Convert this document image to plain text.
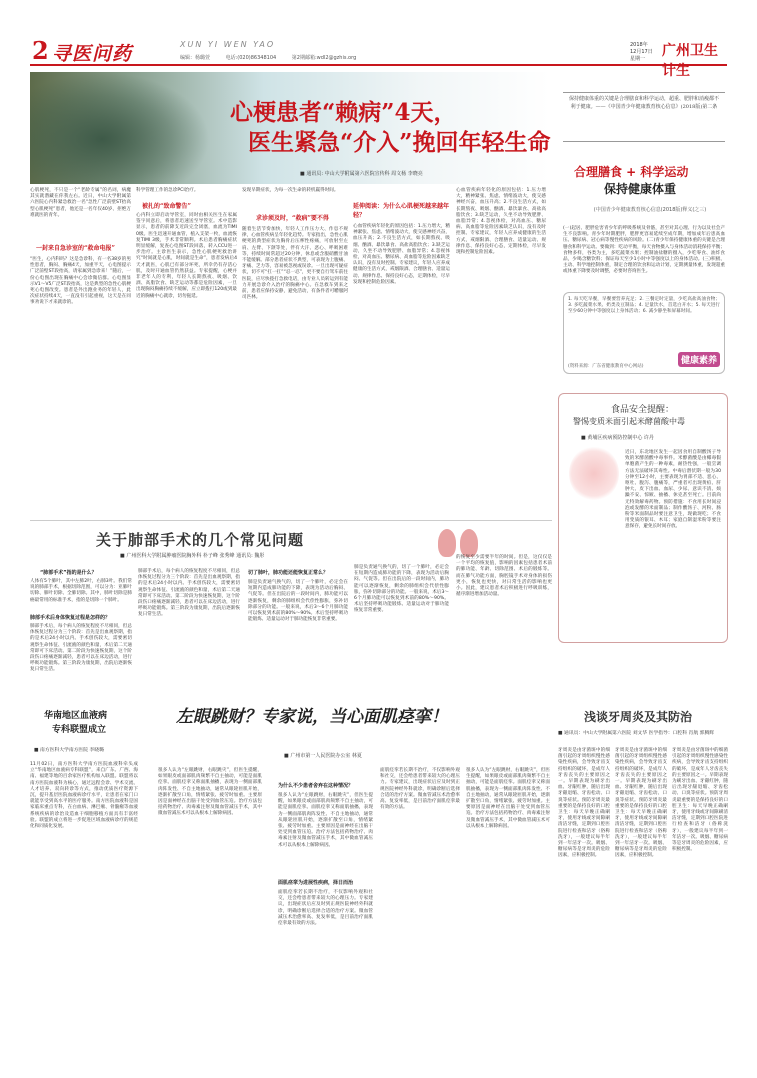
2 寻医问药	XUN YI WEN YAO
编辑：杨璐萱	电话:(020)86348104	第2期邮箱:wdl2@gzhis.org
2018年
12月17日
星期一	广州卫生计生
心梗患者“赖病”4天，
医生紧急“介入”挽回年轻生命
■ 通讯员: 中山大学附属第六医院宣传科 周文杨 李晓亮
心肌梗死，不只是一个“老龄专属”的名词，病魔其实就潜藏在你我左右。近日，中山大学附属第六医院心内科紧急救治一名“急性广泛前壁ST抬高型心肌梗死”患者，他还是一名年仅40岁、拒绝万难就医的青年。
一封来自急诊室的“救命电报”
“医生，心内科吗？这是急诊科，有一名38岁的男性患者，胸闷、胸痛4天，加重半天，心电图提示广泛前壁ST段抬高，请家属到急诊来！”随后，一份心电图出现在胸痛中心会诊微信群。心电图显示V1～V5广泛ST段抬高，这是典型的急性心肌梗死心电图改变。患者是外出跑业务的年轻人，此次症状持续4天，一直没有引起重视，这天是在同事劝说下才来就诊的。
科学管理工作的急诊PCI治疗。
被扎的“致命警告”
心内科立即启动导管室，同时由相关医生在家属签字同意后，将患者迅速送至导管室。术中造影显示，患者的前降支近段完全闭塞，血流为TIMI 0级。医生迅速开通血管，植入支架一枚，血流恢复TIMI 3级，手术非常顺利。术后患者胸痛症状明显缓解，复查心电图ST段回落，转入CCU进一步治疗。主诊医生表示，急性心肌梗死救治讲究“时间就是心肌，时间就是生命”，患者发病后4天才就医，心肌已有部分坏死，所幸仍有存活心肌，及时开通血管仍然获益。专家提醒，心梗并非老年人的专利，年轻人长期熬夜、吸烟、饮酒、高脂饮食、缺乏运动等都是危险因素，一旦出现胸闷胸痛持续不缓解，应立即拨打120或到最近的胸痛中心就诊，切勿拖延。
发现早期症状，为每一次生命的转机赢得时间。
求诊须及时，“救病”要不得
随着生活节奏加快，年轻人工作压力大、作息不规律，心血管疾病呈年轻化趋势。专家指出，急性心肌梗死的典型症状为胸骨后压榨性疼痛，可放射至左肩、左臂、下颌等处，伴有大汗、恶心、呼吸困难等，持续时间常超过20分钟，休息或含服硝酸甘油不能缓解。部分患者症状不典型，可表现为上腹痛、牙痛、乏力等，容易被忽视或误诊。一旦出现可疑症状，切不可“扛一扛”“忍一忍”，更不要自行驾车前往医院，应尽快拨打急救电话，由专业人员转运到有能力开展急诊介入治疗的胸痛中心。在急救车到来之前，患者应保持安静，避免活动，有条件者可嚼服阿司匹林。
延伸阅读：为什么心肌梗死越来越年轻？
心血管疾病年轻化的原因包括：1.压力增大，精神紧张、焦虑、情绪波动大，使交感神经兴奋，血压升高；2.不良生活方式，如长期熬夜、吸烟、酗酒、暴饮暴食、高盐高脂饮食；3.缺乏运动，久坐不动导致肥胖、血脂异常；4.忽视体检，对高血压、糖尿病、高血脂等危险因素缺乏认识，没有及时控制。专家建议，年轻人应养成健康的生活方式，戒烟限酒、合理膳食、适量运动、规律作息、保持良好心态，定期体检，尽早发现和控制危险因素。
心血管疾病年轻化的原因包括：1.压力增大，精神紧张、焦虑、情绪波动大，使交感神经兴奋，血压升高；2.不良生活方式，如长期熬夜、吸烟、酗酒、暴饮暴食、高盐高脂饮食；3.缺乏运动，久坐不动导致肥胖、血脂异常；4.忽视体检，对高血压、糖尿病、高血脂等危险因素缺乏认识，没有及时控制。专家建议，年轻人应养成健康的生活方式，戒烟限酒、合理膳食、适量运动、规律作息、保持良好心态，定期体检，尽早发现和控制危险因素。
保持健康体重的关键是合理膳食和科学运动，超重、肥胖和消瘦都不利于健康。——《中国青少年健康教育核心信息》(2018版)第二条
合理膳食 + 科学运动
保持健康体重
(中国青少年健康教育核心信息(2018版)释义(之三)
(一)起居、肥胖危害青少年的呼吸系统及骨骼，甚至对其心理、行为以及社会产生不良影响。青少年时期肥胖，肥胖更容易延续至成年期，增加成年后患高血压、糖尿病、冠心病等慢性疾病的风险。(二)青少年保持健康体重的关键是合理膳食和科学运动。要做到：吃动平衡，每天食物摄入与身体活动消耗保持平衡；食物多样，谷类为主，多吃蔬菜水果；控制油盐糖的摄入，少吃零食、油炸食品，少喝含糖饮料；保证每天至少1小时中等强度以上的身体活动。(三)积极、主动、科学地控制体重，制定合理的饮食和运动计划，定期测量体重，发现超重或体重下降要及时调整，必要时咨询医生。
1. 每天吃早餐，早餐要营养充足；2. 三餐定时定量，少吃高盐高油食物；3. 多吃蔬菜水果、奶类及豆制品；4. 足量饮水，首选白开水；5. 每天进行至少60分钟中等强度以上身体活动；6. 减少静坐和屏幕时间。
健康素养
(资料来源：广东省健康教育中心网站)
食品安全提醒：
警惕变质米面引起米酵菌酸中毒
■ 黄埔区疾病预防控制中心 许丹
近日，东北地区发生一起因食用自制酸汤子导致的米酵菌酸中毒事件。米酵菌酸是由椰毒假单胞菌产生的一种毒素，耐热性强，一般烹调方法无法破坏其毒性。中毒后潜伏期一般为30分钟至12小时，主要表现为胃部不适、恶心、呕吐、腹泻、腹痛等，严重者可出现黄疸、肝肿大、皮下出血、血尿、少尿、意识不清、烦躁不安、惊厥、抽搐、休克甚至死亡。目前尚无特效解毒药物。预防措施：不食用长时间浸泡或发酵的米面制品；制作酸汤子、河粉、肠粉等米面制品时要注意卫生，现做现吃；不食用变质的银耳、木耳；家庭自制湿米粉等要注意保存，避免长时间存放。
关于肺部手术的几个常见问题
■ 广州医科大学附属肿瘤医院胸外科 朴子峰 张秀峰 通讯员: 魏彤
“肺部手术”指的是什么？
人体有5个肺叶，其中左肺2叶，右肺3叶。我们常说的肺部手术，根据切除范围，可以分为：亚肺叶切除、肺叶切除、全肺切除。其中，肺叶切除是肺癌最常用的标准手术，指的是切除一个肺叶。
肺部手术后身体恢复过程是怎样的？
肺部手术后，每个病人的恢复程度不尽相同，但总体恢复过程分为三个阶段：首先是出血观察期，指的是术后24小时以内。手术创伤较大，需要密切观察生命体征、引流液的颜色和量，术后第二天通常即可下床活动。第二阶段为快速恢复期，这个阶段伤口疼痛逐渐减轻，患者可以在床边活动，进行呼吸功能锻炼。第三阶段为康复期，出院后逐渐恢复日常生活。
肺部手术后，每个病人的恢复程度不尽相同，但总体恢复过程分为三个阶段：首先是出血观察期，指的是术后24小时以内。手术创伤较大，需要密切观察生命体征、引流液的颜色和量，术后第二天通常即可下床活动。第二阶段为快速恢复期，这个阶段伤口疼痛逐渐减轻，患者可以在床边活动，进行呼吸功能锻炼。第三阶段为康复期，出院后逐渐恢复日常生活。
切了肺叶，肺功能还能恢复正常么？
肺是负责通气换气的，切了一个肺叶，必定会在短期内造成肺功能的下降，表现为活动后胸闷、气促等。但在出院后的一段时间内，肺功能可以逐渐恢复，剩余的肺组织会代偿性膨胀，弥补切除部分的功能。一般来说，术后3～6个月肺功能可以恢复到术前的80%～90%。术后坚持呼吸功能锻炼、适量运动对于肺功能恢复非常重要。
肺是负责通气换气的，切了一个肺叶，必定会在短期内造成肺功能的下降，表现为活动后胸闷、气促等。但在出院后的一段时间内，肺功能可以逐渐恢复，剩余的肺组织会代偿性膨胀，弥补切除部分的功能。一般来说，术后3～6个月肺功能可以恢复到术前的80%～90%。术后坚持呼吸功能锻炼、适量运动对于肺功能恢复非常重要。
的恢复至少需要半年的时间。但是，这仅仅是一个平均的恢复值，影响的因素包括患者术前的肺功能、年龄、切除范围、术后的锻炼等。而在肺气功能方面，胸腔镜手术对身体的损伤更小，恢复也更快，对日常生活的影响也更小。因此，建议患者术后积极进行呼吸训练，循序渐进增加活动量。
华南地区血液病
专科联盟成立
■ 南方医科大学南方医院 李晓璐
11月02日，南方医科大学南方医院血液科牵头成立“华南地区血液病专科联盟”，来自广东、广西、海南、福建等地的百余家医疗机构加入联盟。联盟将以南方医院血液科为核心，通过远程会诊、学术交流、人才培养、双向转诊等方式，推动优质医疗资源下沉，提升基层医院血液病诊疗水平，让患者在家门口就能享受到高水平的医疗服务。南方医院血液科是国家临床重点专科，在白血病、淋巴瘤、骨髓瘤等血液系统疾病的诊治及造血干细胞移植方面具有丰富经验。联盟的成立将进一步促进区域血液病诊疗的规范化和同质化发展。
左眼跳财？专家说，当心面肌痉挛！
■ 广州市第一人民医院办公室 林夏
很多人认为“左眼跳财，右眼跳灾”，但医生提醒，如果眼皮或面部肌肉频繁不自主抽动，可能是面肌痉挛。面肌痉挛又称面肌抽搐，表现为一侧面部肌肉阵发性、不自主地抽动，通常从眼轮匝肌开始，逐渐扩散至口角，情绪紧张、疲劳时加重。主要原因是面神经在出脑干处受到血管压迫。治疗方法包括药物治疗、肉毒素注射及微血管减压手术，其中微血管减压术可以从根本上解除病因。
为什么不少患者舍弃在这种情况？
很多人认为“左眼跳财，右眼跳灾”，但医生提醒，如果眼皮或面部肌肉频繁不自主抽动，可能是面肌痉挛。面肌痉挛又称面肌抽搐，表现为一侧面部肌肉阵发性、不自主地抽动，通常从眼轮匝肌开始，逐渐扩散至口角，情绪紧张、疲劳时加重。主要原因是面神经在出脑干处受到血管压迫。治疗方法包括药物治疗、肉毒素注射及微血管减压手术，其中微血管减压术可以从根本上解除病因。
面肌痉挛为进展性疾病，择日而治
面肌痉挛若长期不治疗，不仅影响外观和社交，还会给患者带来较大的心理压力。专家建议，出现症状后应及时到正规医院神经外科就诊，明确诊断后选择合适的治疗方案。微血管减压术治愈率高、复发率低，是目前治疗面肌痉挛最有效的方法。
面肌痉挛若长期不治疗，不仅影响外观和社交，还会给患者带来较大的心理压力。专家建议，出现症状后应及时到正规医院神经外科就诊，明确诊断后选择合适的治疗方案。微血管减压术治愈率高、复发率低，是目前治疗面肌痉挛最有效的方法。
很多人认为“左眼跳财，右眼跳灾”，但医生提醒，如果眼皮或面部肌肉频繁不自主抽动，可能是面肌痉挛。面肌痉挛又称面肌抽搐，表现为一侧面部肌肉阵发性、不自主地抽动，通常从眼轮匝肌开始，逐渐扩散至口角，情绪紧张、疲劳时加重。主要原因是面神经在出脑干处受到血管压迫。治疗方法包括药物治疗、肉毒素注射及微血管减压手术，其中微血管减压术可以从根本上解除病因。
浅谈牙周炎及其防治
■ 通讯员：中山大学附属第六医院 刘文华 医学指导：口腔科 肖航 郭腾辉
牙周炎是由牙菌斑中的细菌引起的牙周组织慢性感染性疾病，会导致牙齿支持组织的破坏，是成年人牙齿丧失的主要原因之一。早期表现为刷牙出血、牙龈红肿，随后出现牙龈退缩、牙齿松动、口臭等症状。预防牙周炎最重要的是保持良好的口腔卫生：每天早晚正确刷牙，使用牙线或牙间隙刷清洁牙缝，定期到口腔医院进行检查和洁牙（俗称洗牙），一般建议每半年到一年洁牙一次。吸烟、糖尿病等是牙周炎的危险因素，应积极控制。
牙周炎是由牙菌斑中的细菌引起的牙周组织慢性感染性疾病，会导致牙齿支持组织的破坏，是成年人牙齿丧失的主要原因之一。早期表现为刷牙出血、牙龈红肿，随后出现牙龈退缩、牙齿松动、口臭等症状。预防牙周炎最重要的是保持良好的口腔卫生：每天早晚正确刷牙，使用牙线或牙间隙刷清洁牙缝，定期到口腔医院进行检查和洁牙（俗称洗牙），一般建议每半年到一年洁牙一次。吸烟、糖尿病等是牙周炎的危险因素，应积极控制。
牙周炎是由牙菌斑中的细菌引起的牙周组织慢性感染性疾病，会导致牙齿支持组织的破坏，是成年人牙齿丧失的主要原因之一。早期表现为刷牙出血、牙龈红肿，随后出现牙龈退缩、牙齿松动、口臭等症状。预防牙周炎最重要的是保持良好的口腔卫生：每天早晚正确刷牙，使用牙线或牙间隙刷清洁牙缝，定期到口腔医院进行检查和洁牙（俗称洗牙），一般建议每半年到一年洁牙一次。吸烟、糖尿病等是牙周炎的危险因素，应积极控制。
